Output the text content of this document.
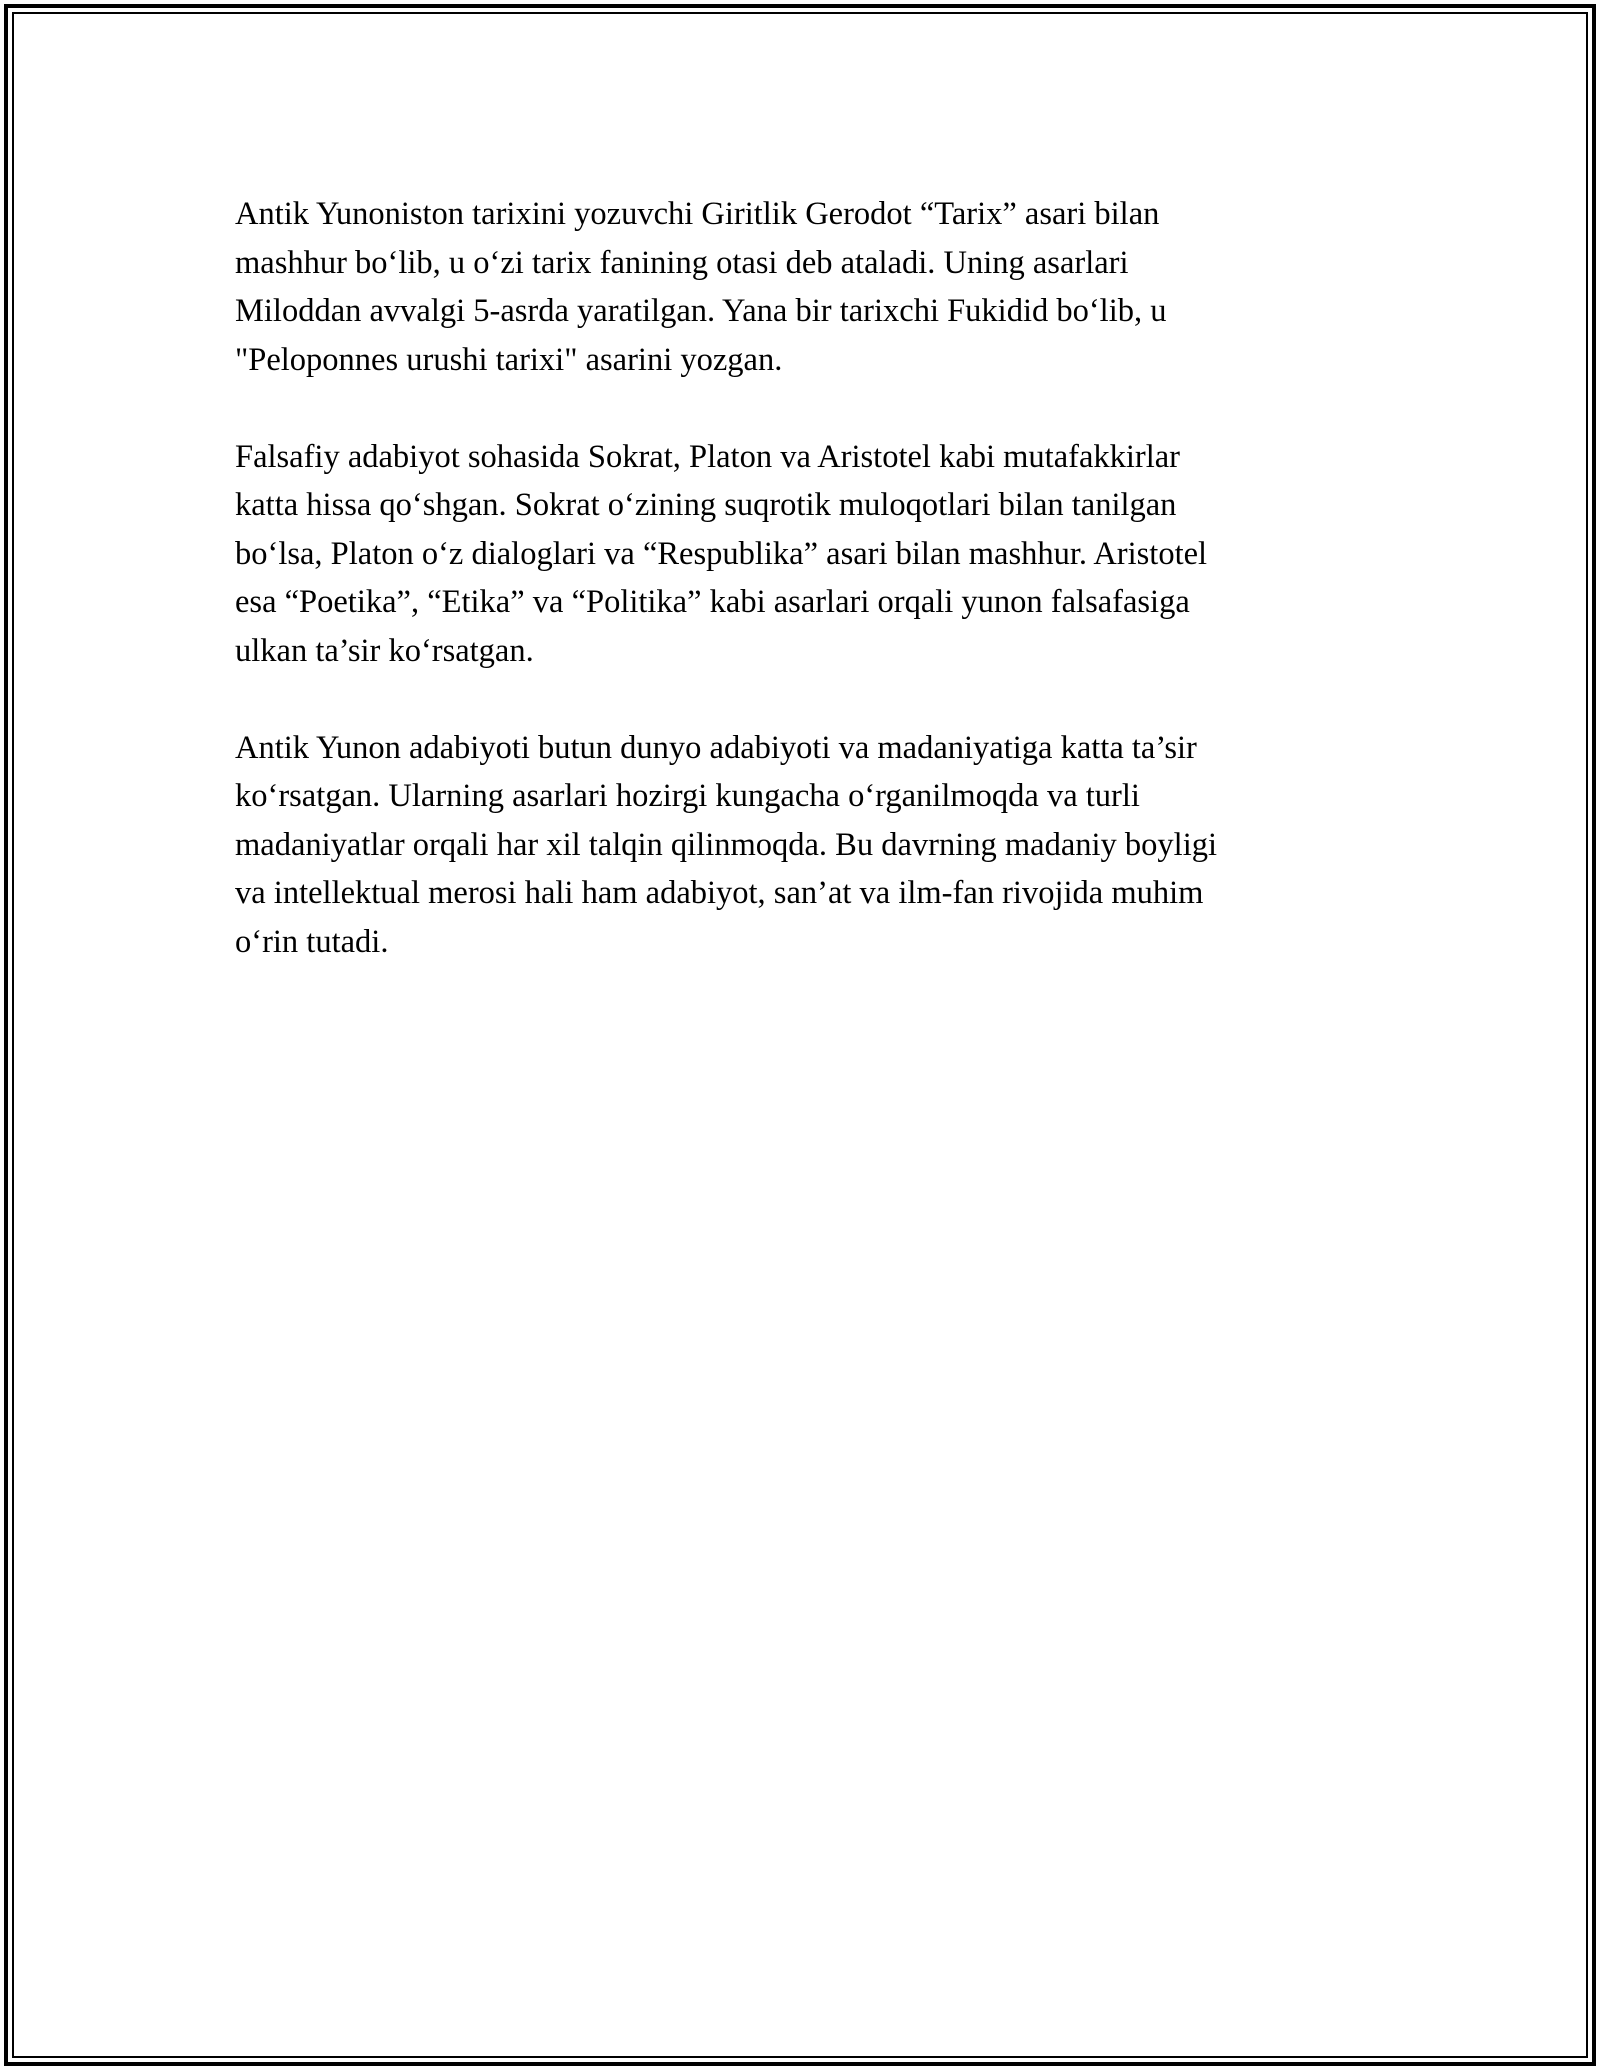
Antik Yunoniston tarixini yozuvchi Giritlik Gerodot “Tarix” asari bilan
mashhur bo‘lib, u o‘zi tarix fanining otasi deb ataladi. Uning asarlari
Miloddan avvalgi 5-asrda yaratilgan. Yana bir tarixchi Fukidid bo‘lib, u
"Peloponnes urushi tarixi" asarini yozgan.

Falsafiy adabiyot sohasida Sokrat, Platon va Aristotel kabi mutafakkirlar
katta hissa qo‘shgan. Sokrat o‘zining suqrotik muloqotlari bilan tanilgan
bo‘lsa, Platon o‘z dialoglari va “Respublika” asari bilan mashhur. Aristotel
esa “Poetika”, “Etika” va “Politika” kabi asarlari orqali yunon falsafasiga
ulkan ta’sir ko‘rsatgan.

Antik Yunon adabiyoti butun dunyo adabiyoti va madaniyatiga katta ta’sir
ko‘rsatgan. Ularning asarlari hozirgi kungacha o‘rganilmoqda va turli
madaniyatlar orqali har xil talqin qilinmoqda. Bu davrning madaniy boyligi
va intellektual merosi hali ham adabiyot, san’at va ilm-fan rivojida muhim
o‘rin tutadi.
